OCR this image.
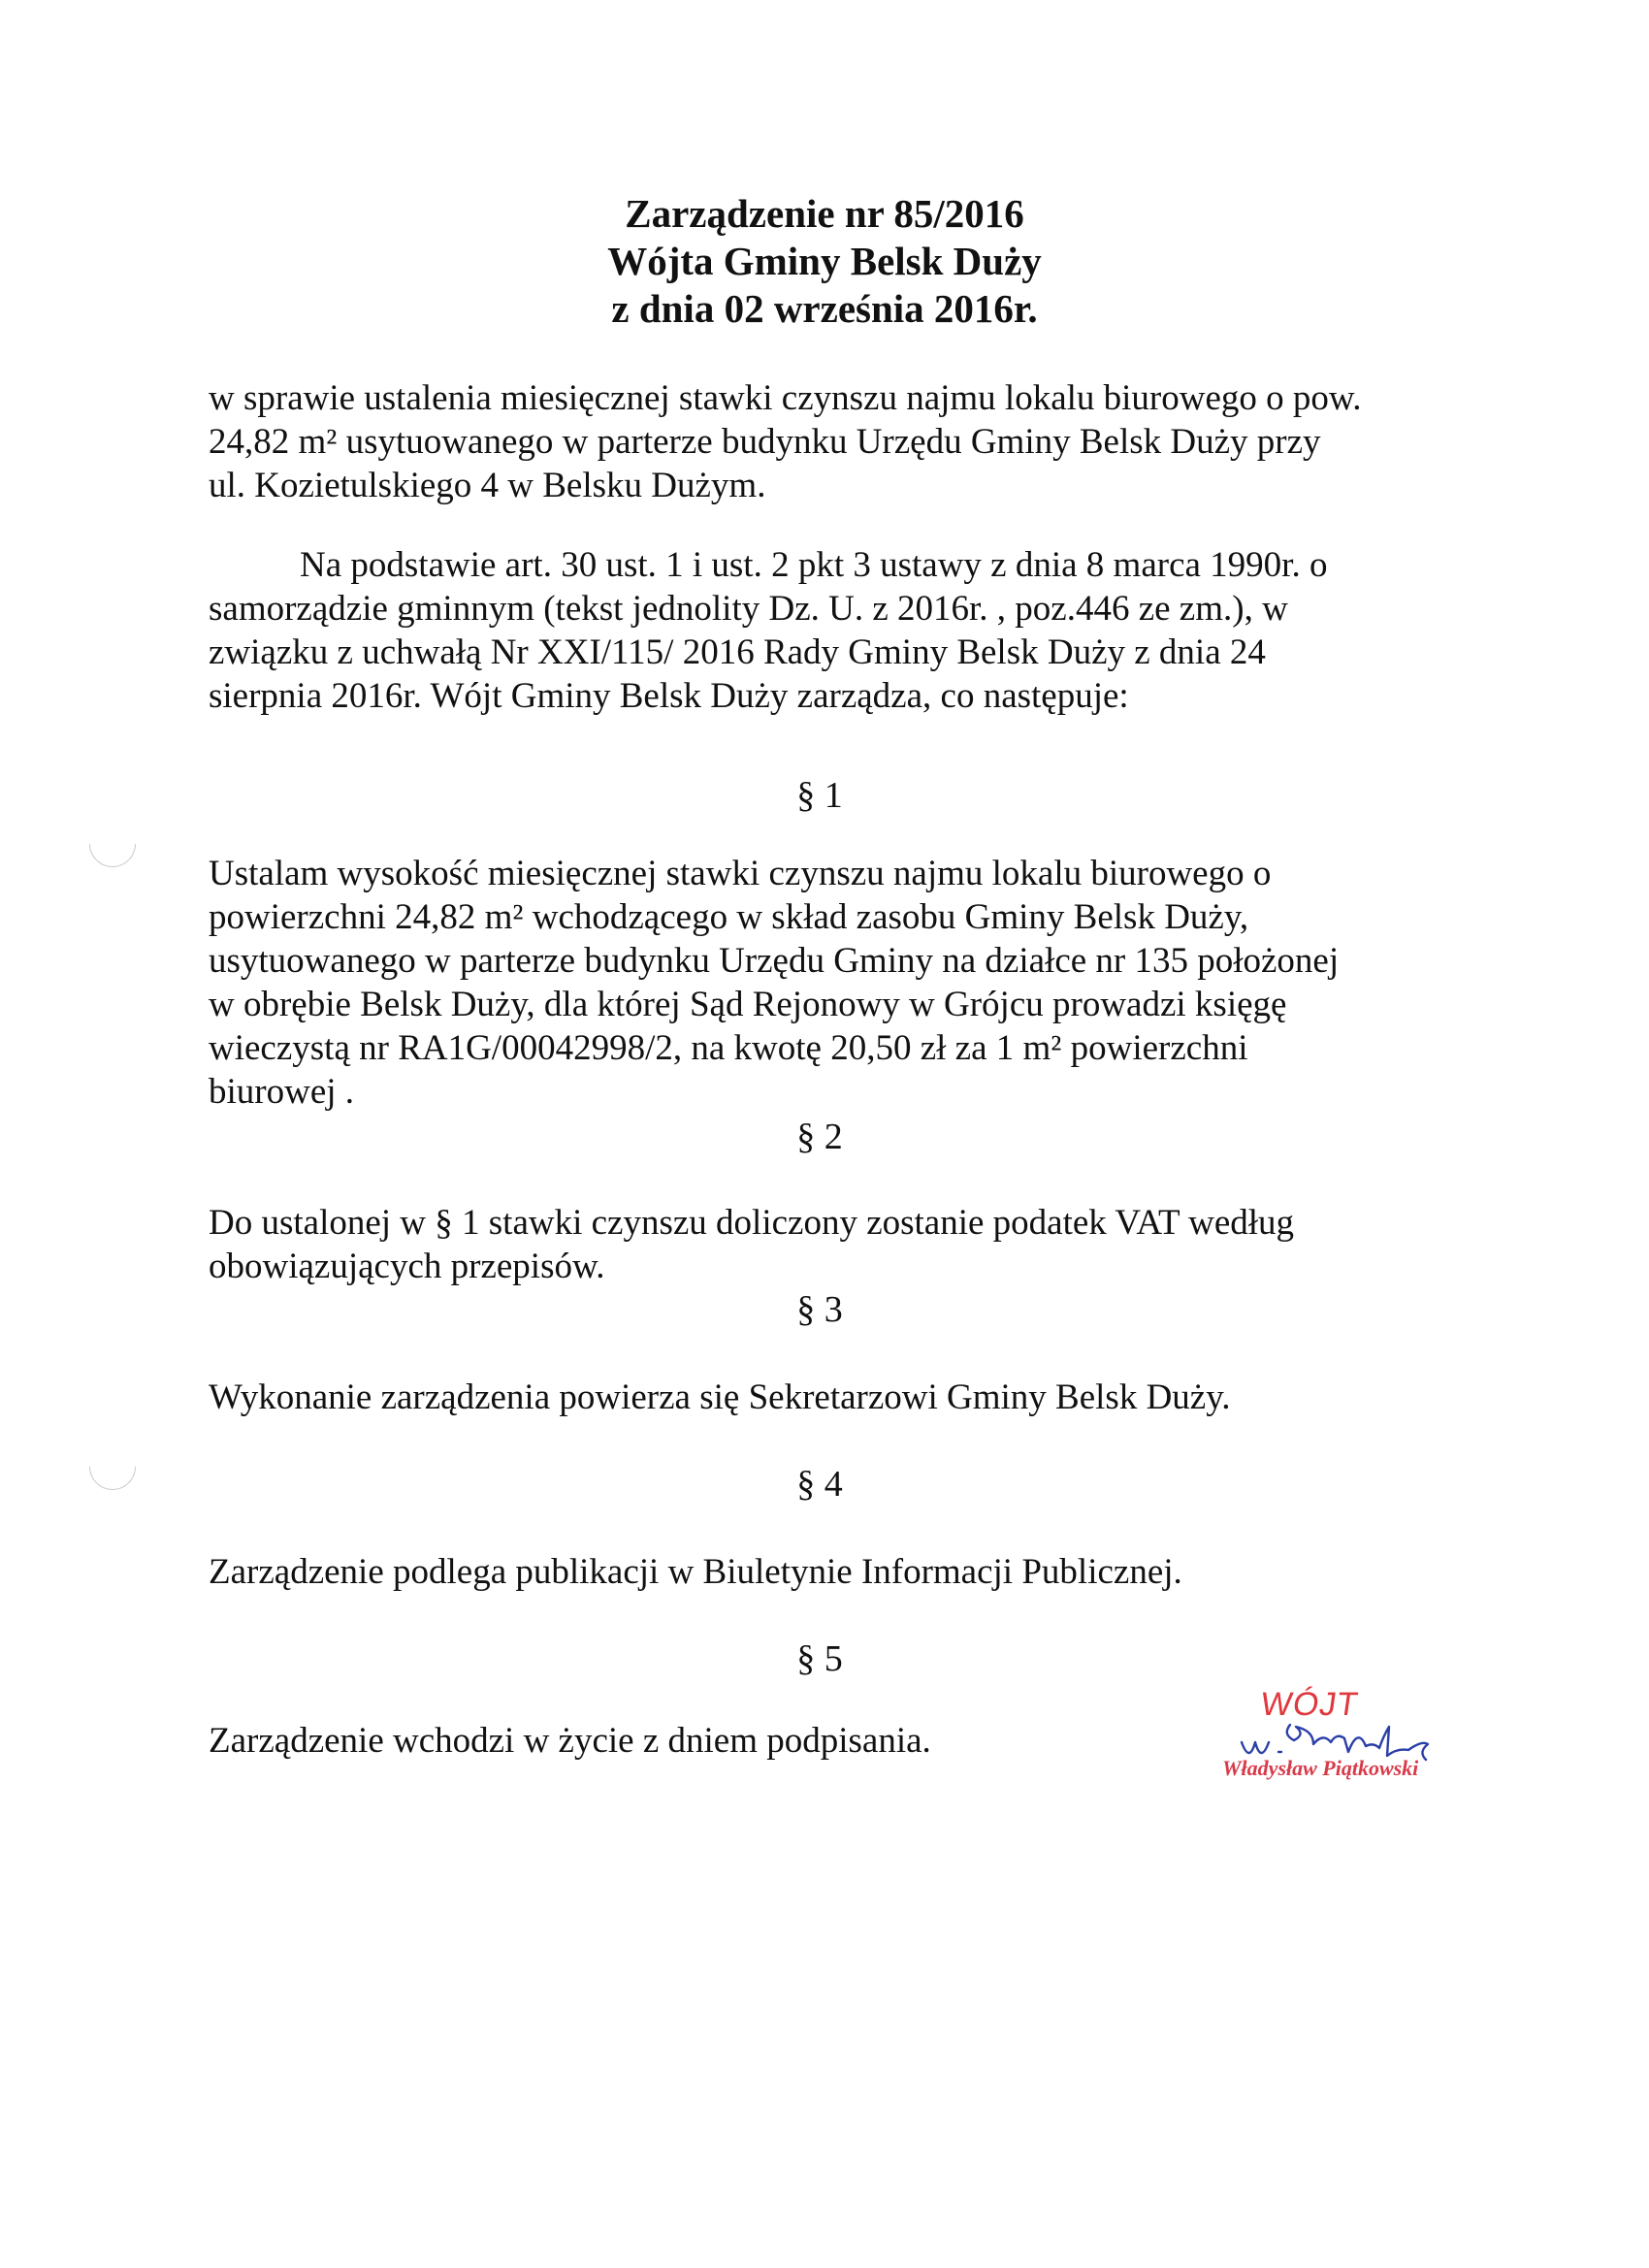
Zarządzenie nr 85/2016
Wójta Gminy Belsk Duży
z dnia 02 września 2016r.
w sprawie ustalenia miesięcznej stawki czynszu najmu lokalu biurowego o pow.
24,82 m² usytuowanego w parterze budynku Urzędu Gminy Belsk Duży przy
ul. Kozietulskiego 4 w Belsku Dużym.
Na podstawie art. 30 ust. 1 i ust. 2 pkt 3 ustawy z dnia 8 marca 1990r. o
samorządzie gminnym (tekst jednolity Dz. U. z 2016r. , poz.446 ze zm.), w
związku z uchwałą Nr XXI/115/ 2016 Rady Gminy Belsk Duży z dnia 24
sierpnia 2016r. Wójt Gminy Belsk Duży zarządza, co następuje:
§ 1
Ustalam wysokość miesięcznej stawki czynszu najmu lokalu biurowego o
powierzchni 24,82 m² wchodzącego w skład zasobu Gminy Belsk Duży,
usytuowanego w parterze budynku Urzędu Gminy na działce nr 135 położonej
w obrębie Belsk Duży, dla której Sąd Rejonowy w Grójcu prowadzi księgę
wieczystą nr RA1G/00042998/2, na kwotę 20,50 zł za 1 m² powierzchni
biurowej .
§ 2
Do ustalonej w § 1 stawki czynszu doliczony zostanie podatek VAT według
obowiązujących przepisów.
§ 3
Wykonanie zarządzenia powierza się Sekretarzowi Gminy Belsk Duży.
§ 4
Zarządzenie podlega publikacji w Biuletynie Informacji Publicznej.
§ 5
Zarządzenie wchodzi w życie z dniem podpisania.
WÓJT
Władysław Piątkowski
